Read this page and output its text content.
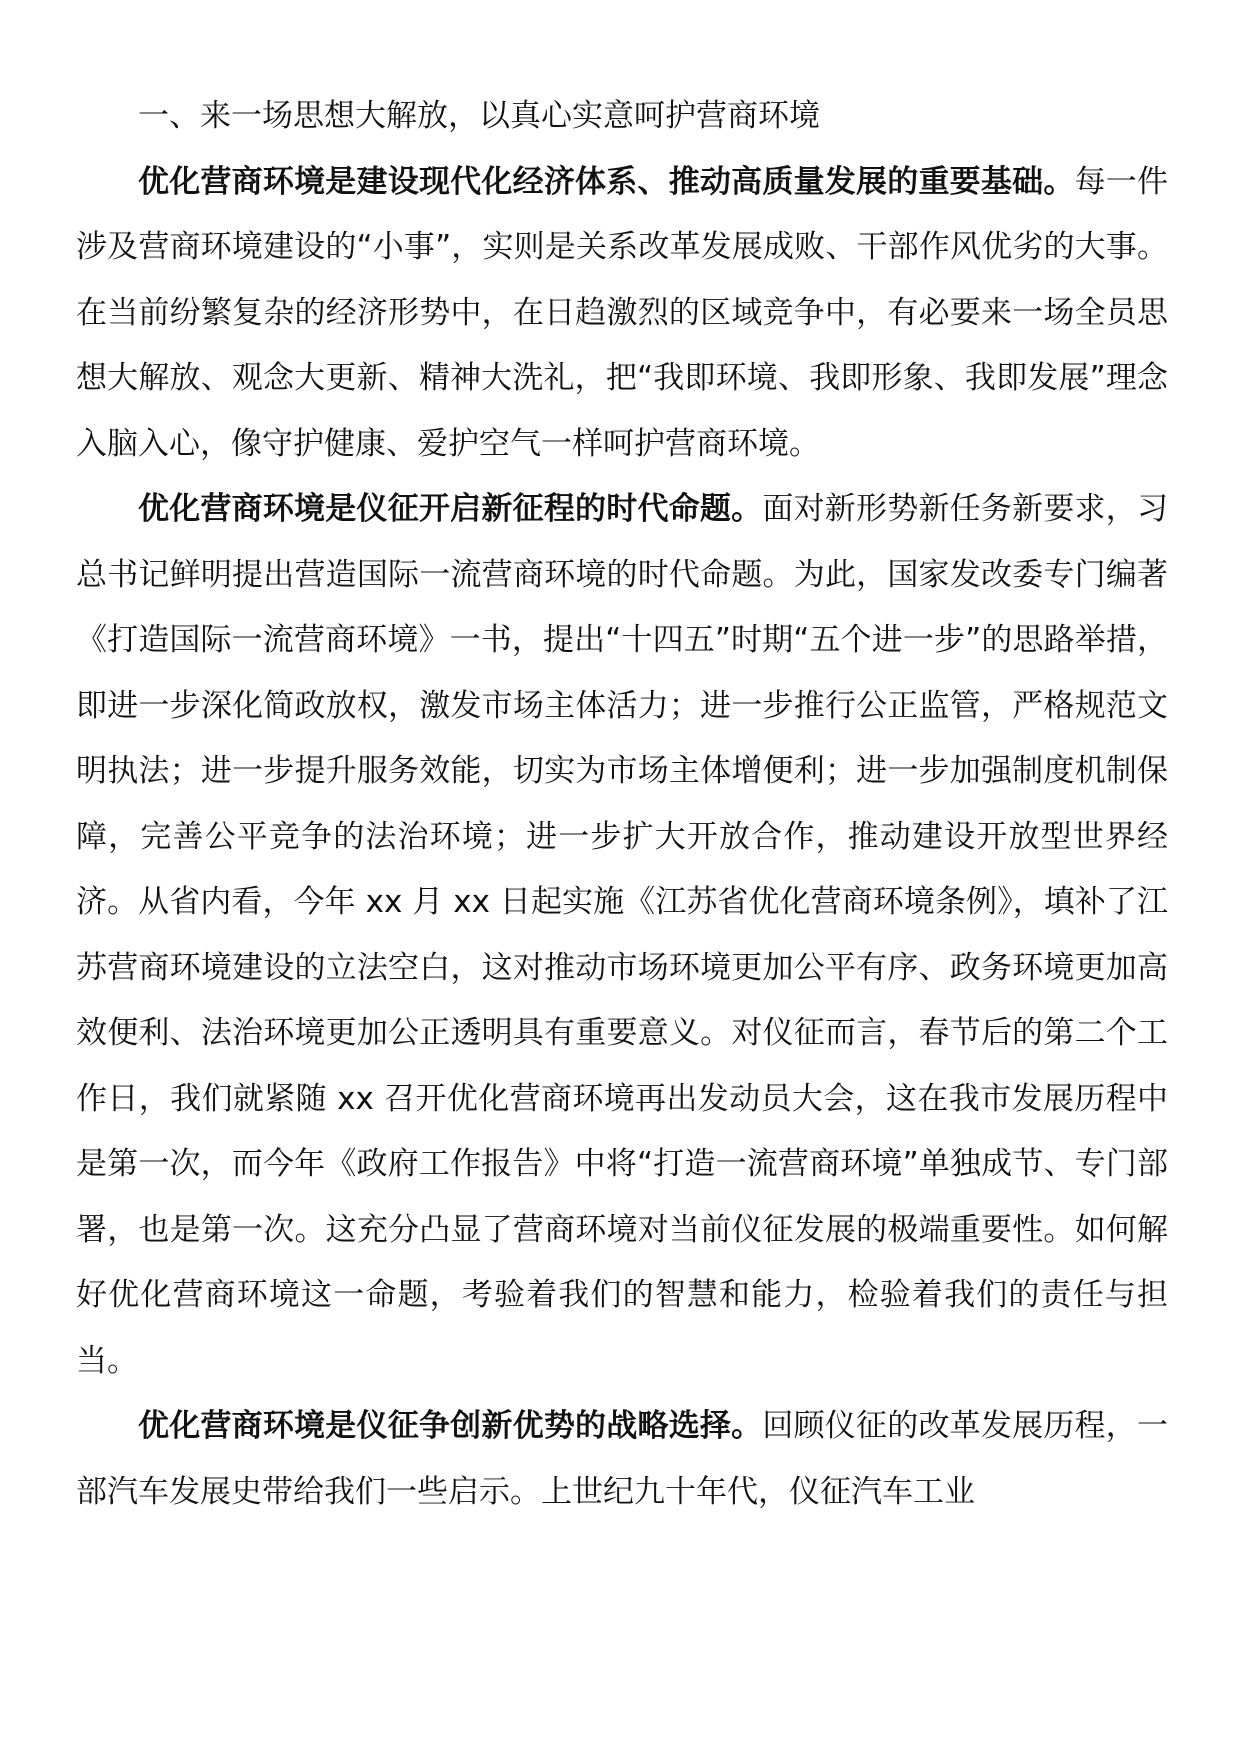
一、来一场思想大解放，以真心实意呵护营商环境

优化营商环境是建设现代化经济体系、推动高质量发展的重要基础。每一件涉及营商环境建设的“小事”，实则是关系改革发展成败、干部作风优劣的大事。在当前纷繁复杂的经济形势中，在日趋激烈的区域竞争中，有必要来一场全员思想大解放、观念大更新、精神大洗礼，把“我即环境、我即形象、我即发展”理念入脑入心，像守护健康、爱护空气一样呵护营商环境。

优化营商环境是仪征开启新征程的时代命题。面对新形势新任务新要求，习总书记鲜明提出营造国际一流营商环境的时代命题。为此，国家发改委专门编著《打造国际一流营商环境》一书，提出“十四五”时期“五个进一步”的思路举措，即进一步深化简政放权，激发市场主体活力；进一步推行公正监管，严格规范文明执法；进一步提升服务效能，切实为市场主体增便利；进一步加强制度机制保障，完善公平竞争的法治环境；进一步扩大开放合作，推动建设开放型世界经济。从省内看，今年 xx 月 xx 日起实施《江苏省优化营商环境条例》，填补了江苏营商环境建设的立法空白，这对推动市场环境更加公平有序、政务环境更加高效便利、法治环境更加公正透明具有重要意义。对仪征而言，春节后的第二个工作日，我们就紧随 xx 召开优化营商环境再出发动员大会，这在我市发展历程中是第一次，而今年《政府工作报告》中将“打造一流营商环境”单独成节、专门部署，也是第一次。这充分凸显了营商环境对当前仪征发展的极端重要性。如何解好优化营商环境这一命题，考验着我们的智慧和能力，检验着我们的责任与担当。

优化营商环境是仪征争创新优势的战略选择。回顾仪征的改革发展历程，一部汽车发展史带给我们一些启示。上世纪九十年代，仪征汽车工业
